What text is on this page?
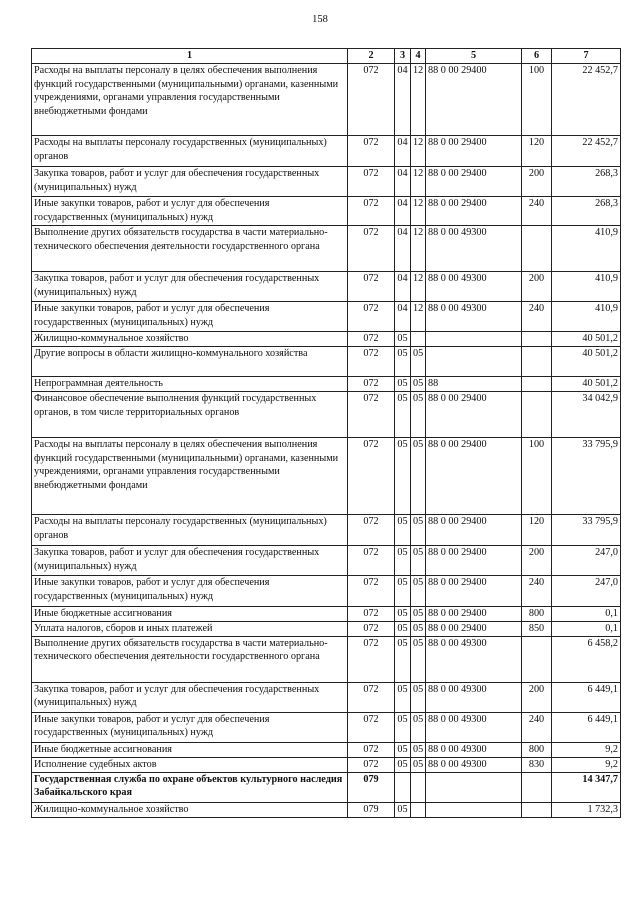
158
1	2	3	4	5	6	7
Расходы на выплаты персоналу в целях обеспечения выполнения функций государственными (муниципальными) органами, казенными учреждениями, органами управления государственными внебюджетными фондами	072	04	12	88 0 00 29400	100	22 452,7
Расходы на выплаты персоналу государственных (муниципальных) органов	072	04	12	88 0 00 29400	120	22 452,7
Закупка товаров, работ и услуг для обеспечения государственных (муниципальных) нужд	072	04	12	88 0 00 29400	200	268,3
Иные закупки товаров, работ и услуг для обеспечения государственных (муниципальных) нужд	072	04	12	88 0 00 29400	240	268,3
Выполнение других обязательств государства в части материально-технического обеспечения деятельности государственного органа	072	04	12	88 0 00 49300		410,9
Закупка товаров, работ и услуг для обеспечения государственных (муниципальных) нужд	072	04	12	88 0 00 49300	200	410,9
Иные закупки товаров, работ и услуг для обеспечения государственных (муниципальных) нужд	072	04	12	88 0 00 49300	240	410,9
Жилищно-коммунальное хозяйство	072	05				40 501,2
Другие вопросы в области жилищно-коммунального хозяйства	072	05	05			40 501,2
Непрограммная деятельность	072	05	05	88		40 501,2
Финансовое обеспечение выполнения функций государственных органов, в том числе территориальных органов	072	05	05	88 0 00 29400		34 042,9
Расходы на выплаты персоналу в целях обеспечения выполнения функций государственными (муниципальными) органами, казенными учреждениями, органами управления государственными внебюджетными фондами	072	05	05	88 0 00 29400	100	33 795,9
Расходы на выплаты персоналу государственных (муниципальных) органов	072	05	05	88 0 00 29400	120	33 795,9
Закупка товаров, работ и услуг для обеспечения государственных (муниципальных) нужд	072	05	05	88 0 00 29400	200	247,0
Иные закупки товаров, работ и услуг для обеспечения государственных (муниципальных) нужд	072	05	05	88 0 00 29400	240	247,0
Иные бюджетные ассигнования	072	05	05	88 0 00 29400	800	0,1
Уплата налогов, сборов и иных платежей	072	05	05	88 0 00 29400	850	0,1
Выполнение других обязательств государства в части материально-технического обеспечения деятельности государственного органа	072	05	05	88 0 00 49300		6 458,2
Закупка товаров, работ и услуг для обеспечения государственных (муниципальных) нужд	072	05	05	88 0 00 49300	200	6 449,1
Иные закупки товаров, работ и услуг для обеспечения государственных (муниципальных) нужд	072	05	05	88 0 00 49300	240	6 449,1
Иные бюджетные ассигнования	072	05	05	88 0 00 49300	800	9,2
Исполнение судебных актов	072	05	05	88 0 00 49300	830	9,2
Государственная служба по охране объектов культурного наследия Забайкальского края	079					14 347,7
Жилищно-коммунальное хозяйство	079	05				1 732,3
